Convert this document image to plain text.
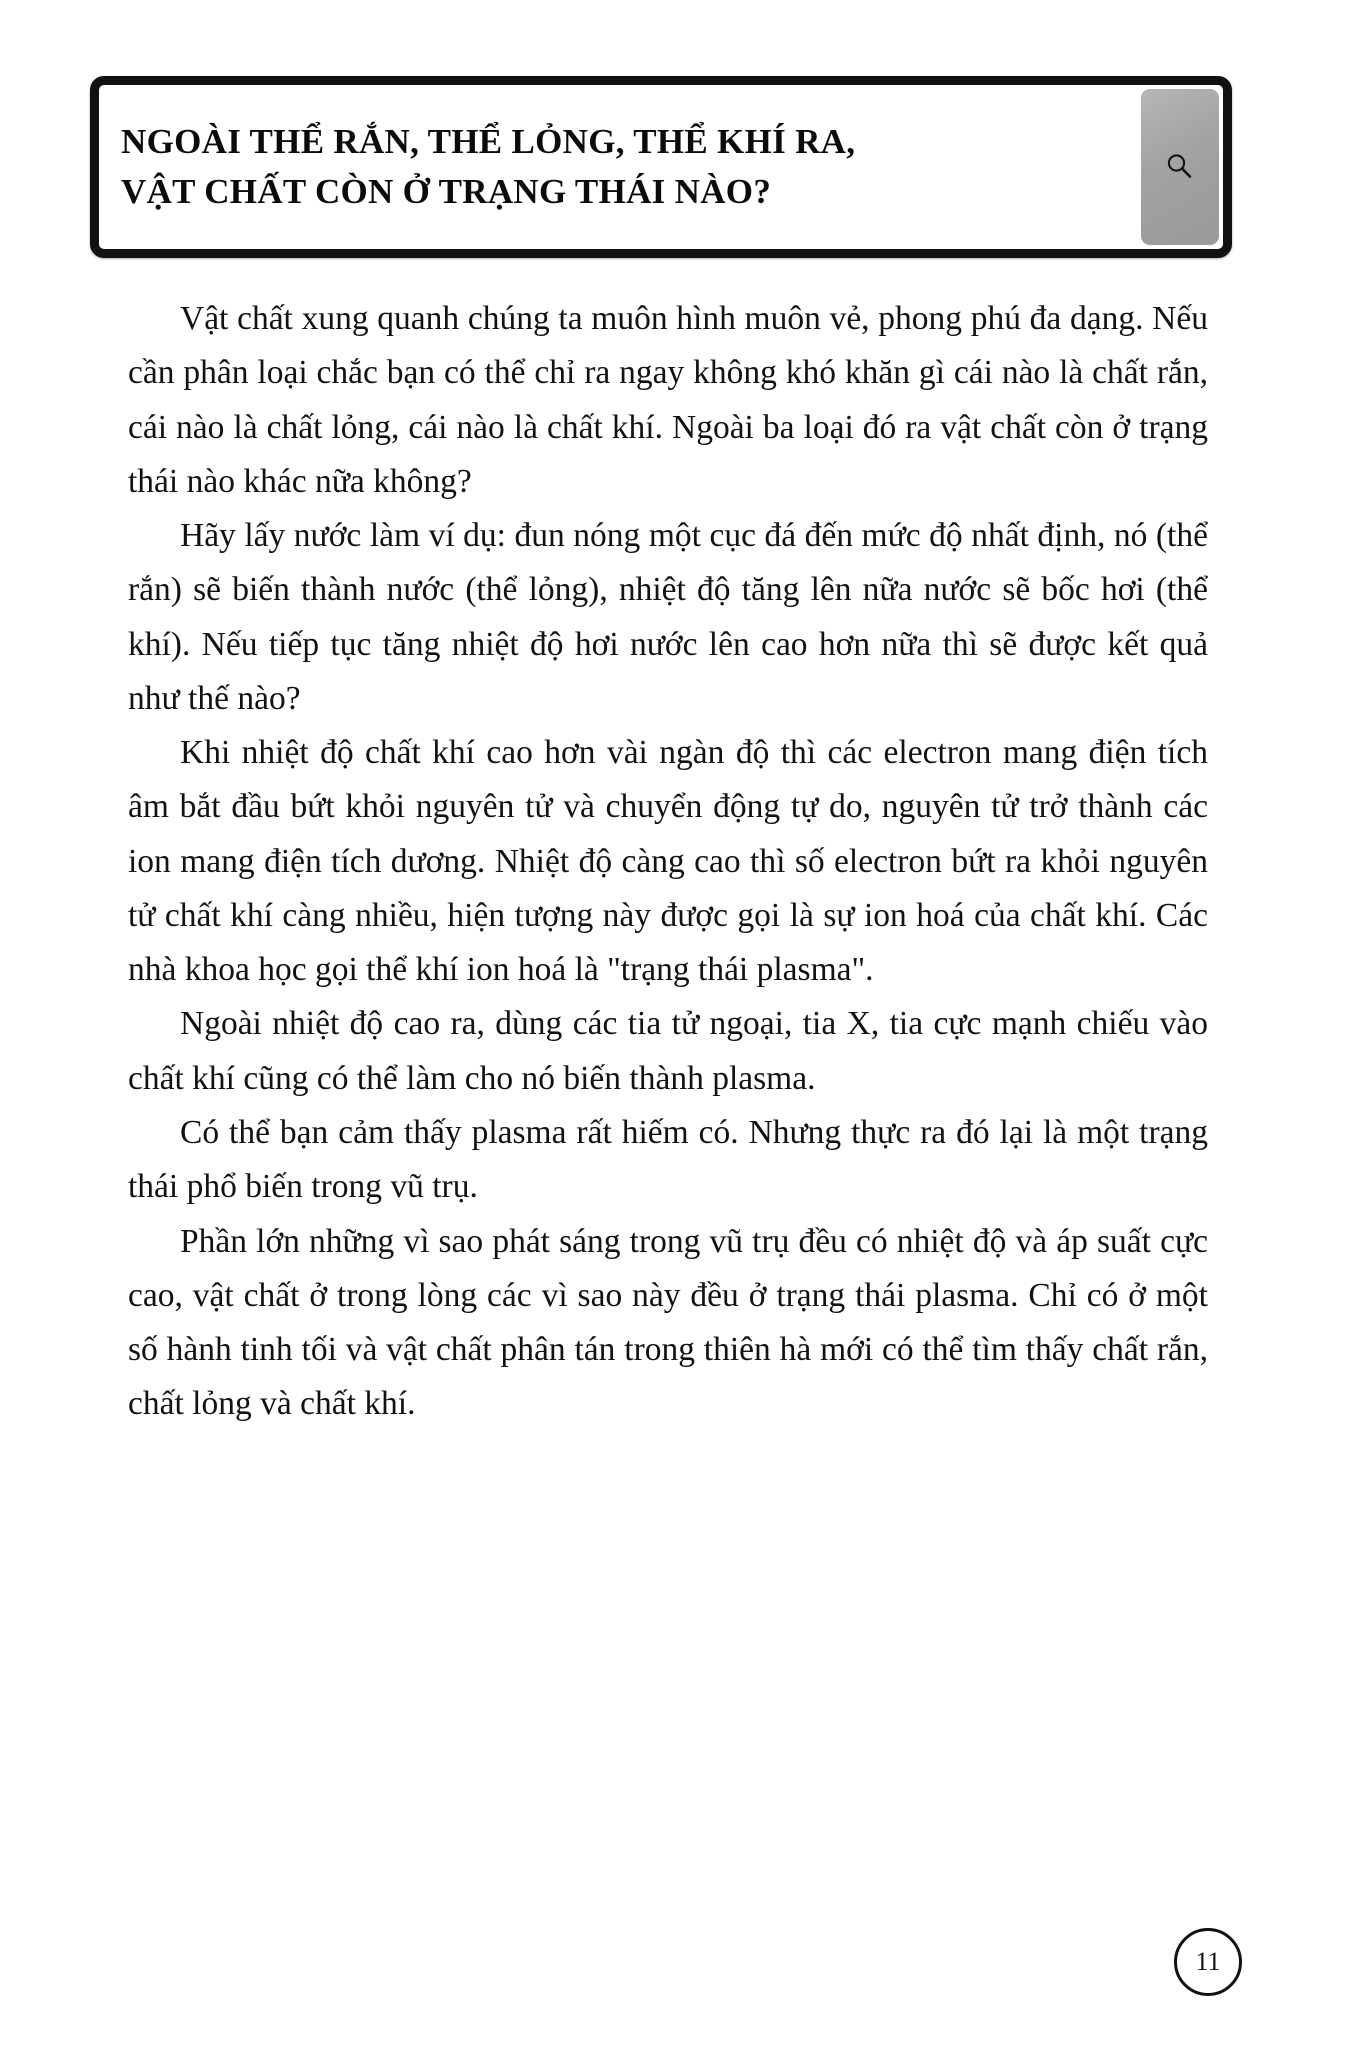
NGOÀI THỂ RẮN, THỂ LỎNG, THỂ KHÍ RA,
VẬT CHẤT CÒN Ở TRẠNG THÁI NÀO?

Vật chất xung quanh chúng ta muôn hình muôn vẻ, phong phú đa dạng. Nếu cần phân loại chắc bạn có thể chỉ ra ngay không khó khăn gì cái nào là chất rắn, cái nào là chất lỏng, cái nào là chất khí. Ngoài ba loại đó ra vật chất còn ở trạng thái nào khác nữa không?

Hãy lấy nước làm ví dụ: đun nóng một cục đá đến mức độ nhất định, nó (thể rắn) sẽ biến thành nước (thể lỏng), nhiệt độ tăng lên nữa nước sẽ bốc hơi (thể khí). Nếu tiếp tục tăng nhiệt độ hơi nước lên cao hơn nữa thì sẽ được kết quả như thế nào?

Khi nhiệt độ chất khí cao hơn vài ngàn độ thì các electron mang điện tích âm bắt đầu bứt khỏi nguyên tử và chuyển động tự do, nguyên tử trở thành các ion mang điện tích dương. Nhiệt độ càng cao thì số electron bứt ra khỏi nguyên tử chất khí càng nhiều, hiện tượng này được gọi là sự ion hoá của chất khí. Các nhà khoa học gọi thể khí ion hoá là "trạng thái plasma".

Ngoài nhiệt độ cao ra, dùng các tia tử ngoại, tia X, tia cực mạnh chiếu vào chất khí cũng có thể làm cho nó biến thành plasma.

Có thể bạn cảm thấy plasma rất hiếm có. Nhưng thực ra đó lại là một trạng thái phổ biến trong vũ trụ.

Phần lớn những vì sao phát sáng trong vũ trụ đều có nhiệt độ và áp suất cực cao, vật chất ở trong lòng các vì sao này đều ở trạng thái plasma. Chỉ có ở một số hành tinh tối và vật chất phân tán trong thiên hà mới có thể tìm thấy chất rắn, chất lỏng và chất khí.

11
